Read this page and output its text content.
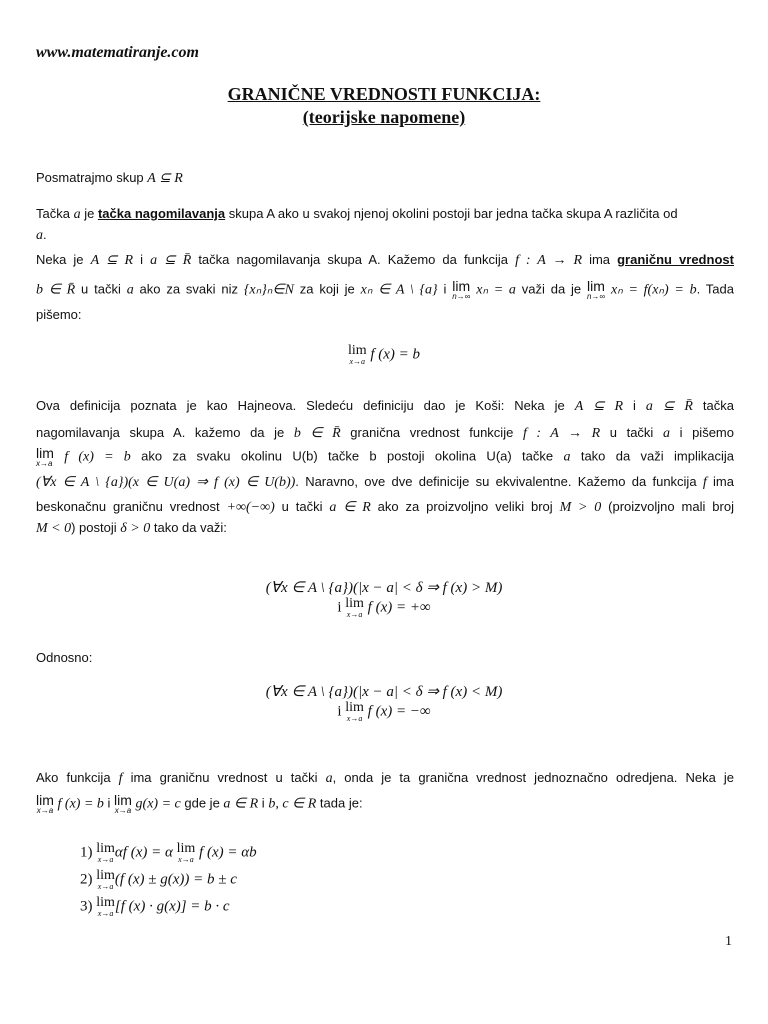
www.matematiranje.com
GRANIČNE VREDNOSTI FUNKCIJA:
(teorijske napomene)
Posmatrajmo skup A ⊆ R
Tačka a je tačka nagomilavanja skupa A ako u svakoj njenoj okolini postoji bar jedna tačka skupa A različita od
a.
Neka je A ⊆ R i a ⊆ R̄ tačka nagomilavanja skupa A. Kažemo da funkcija f : A → R ima graničnu vrednost
b ∈ R̄ u tački a ako za svaki niz {xₙ}ₙ∈N za koji je xₙ ∈ A \ {a} i lim
n→∞ xₙ = a važi da je lim
n→∞ xₙ = f(xₙ) = b. Tada
pišemo:
lim
x→a f (x) = b
Ova definicija poznata je kao Hajneova. Sledeću definiciju dao je Koši: Neka je A ⊆ R i a ⊆ R̄ tačka
nagomilavanja skupa A. kažemo da je b ∈ R̄ granična vrednost funkcije f : A → R u tački a i pišemo
lim
x→a f (x) = b ako za svaku okolinu U(b) tačke b postoji okolina U(a) tačke a tako da važi implikacija
(∀x ∈ A \ {a})(x ∈ U(a) ⇒ f (x) ∈ U(b)). Naravno, ove dve definicije su ekvivalentne. Kažemo da funkcija f ima
beskonačnu graničnu vrednost +∞(−∞) u tački a ∈ R ako za proizvoljno veliki broj M > 0 (proizvoljno mali broj
M < 0) postoji δ > 0 tako da važi:
(∀x ∈ A \ {a})(|x − a| < δ ⇒ f (x) > M)
i lim
x→a f (x) = +∞
Odnosno:
(∀x ∈ A \ {a})(|x − a| < δ ⇒ f (x) < M)
i lim
x→a f (x) = −∞
Ako funkcija f ima graničnu vrednost u tački a, onda je ta granična vrednost jednoznačno odredjena. Neka je
lim
x→a f (x) = b i lim
x→a g(x) = c gde je a ∈ R i b, c ∈ R tada je:
1) lim
x→a αf (x) = α lim
x→a f (x) = αb
2) lim
x→a (f (x) ± g(x)) = b ± c
3) lim
x→a [f (x) · g(x)] = b · c
1
